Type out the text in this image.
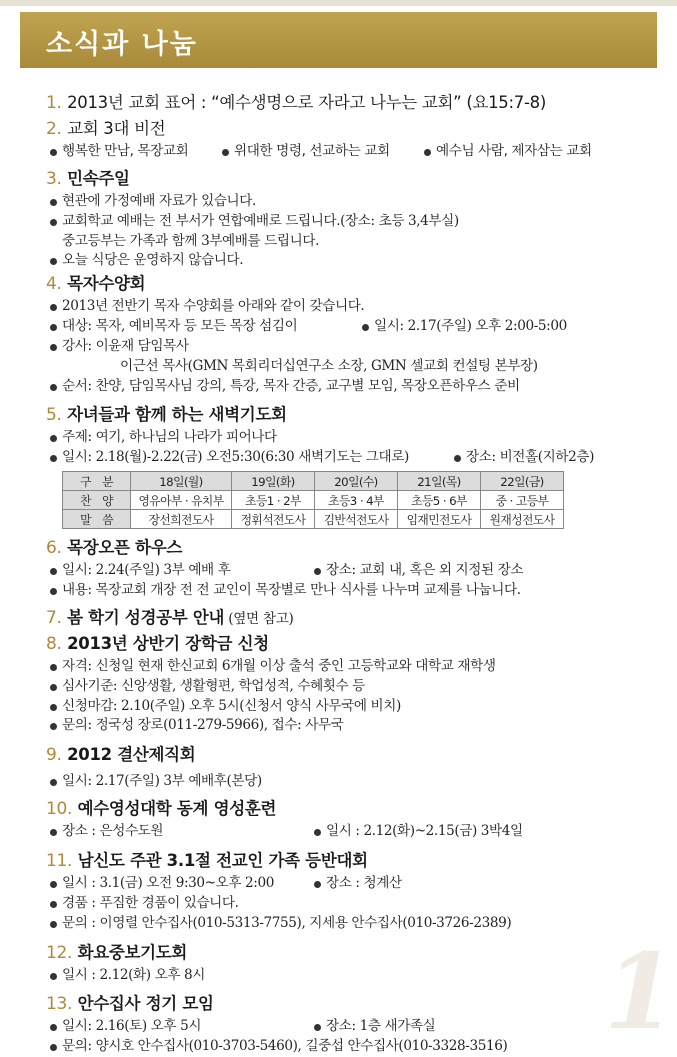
소식과 나눔
1. 2013년 교회 표어 : “예수생명으로 자라고 나누는 교회” (요15:7-8)
2. 교회 3대 비전
행복한 만남, 목장교회	위대한 명령, 선교하는 교회	예수님 사람, 제자삼는 교회
3. 민속주일
현관에 가정예배 자료가 있습니다.
교회학교 예배는 전 부서가 연합예배로 드립니다.(장소: 초등 3,4부실)
중고등부는 가족과 함께 3부예배를 드립니다.
오늘 식당은 운영하지 않습니다.
4. 목자수양회
2013년 전반기 목자 수양회를 아래와 같이 갖습니다.
대상: 목자, 예비목자 등 모든 목장 섬김이	일시: 2.17(주일) 오후 2:00-5:00
강사: 이윤재 담임목사
이근선 목사(GMN 목회리더십연구소 소장, GMN 셀교회 컨설팅 본부장)
순서: 찬양, 담임목사님 강의, 특강, 목자 간증, 교구별 모임, 목장오픈하우스 준비
5. 자녀들과 함께 하는 새벽기도회
주제: 여기, 하나님의 나라가 피어나다
일시: 2.18(월)-2.22(금) 오전5:30(6:30 새벽기도는 그대로)	장소: 비전홀(지하2층)
구　분	18일(월)	19일(화)	20일(수)	21일(목)	22일(금)
찬　양	영유아부 · 유치부	초등1 · 2부	초등3 · 4부	초등5 · 6부	중 · 고등부
말　씀	장선희전도사	정휘석전도사	김반석전도사	임재민전도사	원재성전도사
6. 목장오픈 하우스
일시: 2.24(주일) 3부 예배 후	장소: 교회 내, 혹은 외 지정된 장소
내용: 목장교회 개장 전 전 교인이 목장별로 만나 식사를 나누며 교제를 나눕니다.
7. 봄 학기 성경공부 안내 (옆면 참고)
8. 2013년 상반기 장학금 신청
자격: 신청일 현재 한신교회 6개월 이상 출석 중인 고등학교와 대학교 재학생
심사기준: 신앙생활, 생활형편, 학업성적, 수혜횟수 등
신청마감: 2.10(주일) 오후 5시(신청서 양식 사무국에 비치)
문의: 정국성 장로(011-279-5966), 접수: 사무국
9. 2012 결산제직회
일시: 2.17(주일) 3부 예배후(본당)
10. 예수영성대학 동계 영성훈련
장소 : 은성수도원	일시 : 2.12(화)~2.15(금) 3박4일
11. 남신도 주관 3.1절 전교인 가족 등반대회
일시 : 3.1(금) 오전 9:30~오후 2:00	장소 : 청계산
경품 : 푸짐한 경품이 있습니다.
문의 : 이영렬 안수집사(010-5313-7755), 지세용 안수집사(010-3726-2389)
12. 화요중보기도회
일시 : 2.12(화) 오후 8시
13. 안수집사 정기 모임
일시: 2.16(토) 오후 5시	장소: 1층 새가족실
문의: 양시호 안수집사(010-3703-5460), 길중섭 안수집사(010-3328-3516) 1
